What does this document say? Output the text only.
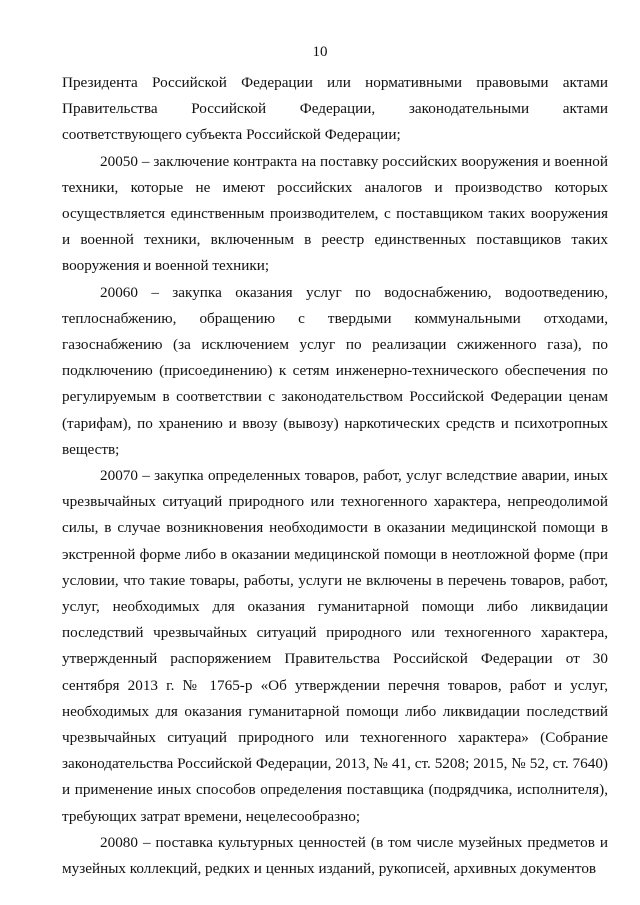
10

Президента Российской Федерации или нормативными правовыми актами Правительства Российской Федерации, законодательными актами соответствующего субъекта Российской Федерации;

20050 – заключение контракта на поставку российских вооружения и военной техники, которые не имеют российских аналогов и производство которых осуществляется единственным производителем, с поставщиком таких вооружения и военной техники, включенным в реестр единственных поставщиков таких вооружения и военной техники;

20060 – закупка оказания услуг по водоснабжению, водоотведению, теплоснабжению, обращению с твердыми коммунальными отходами, газоснабжению (за исключением услуг по реализации сжиженного газа), по подключению (присоединению) к сетям инженерно-технического обеспечения по регулируемым в соответствии с законодательством Российской Федерации ценам (тарифам), по хранению и ввозу (вывозу) наркотических средств и психотропных веществ;

20070 – закупка определенных товаров, работ, услуг вследствие аварии, иных чрезвычайных ситуаций природного или техногенного характера, непреодолимой силы, в случае возникновения необходимости в оказании медицинской помощи в экстренной форме либо в оказании медицинской помощи в неотложной форме (при условии, что такие товары, работы, услуги не включены в перечень товаров, работ, услуг, необходимых для оказания гуманитарной помощи либо ликвидации последствий чрезвычайных ситуаций природного или техногенного характера, утвержденный распоряжением Правительства Российской Федерации от 30 сентября 2013 г. № 1765-р «Об утверждении перечня товаров, работ и услуг, необходимых для оказания гуманитарной помощи либо ликвидации последствий чрезвычайных ситуаций природного или техногенного характера» (Собрание законодательства Российской Федерации, 2013, № 41, ст. 5208; 2015, № 52, ст. 7640) и применение иных способов определения поставщика (подрядчика, исполнителя), требующих затрат времени, нецелесообразно;

20080 – поставка культурных ценностей (в том числе музейных предметов и музейных коллекций, редких и ценных изданий, рукописей, архивных документов
